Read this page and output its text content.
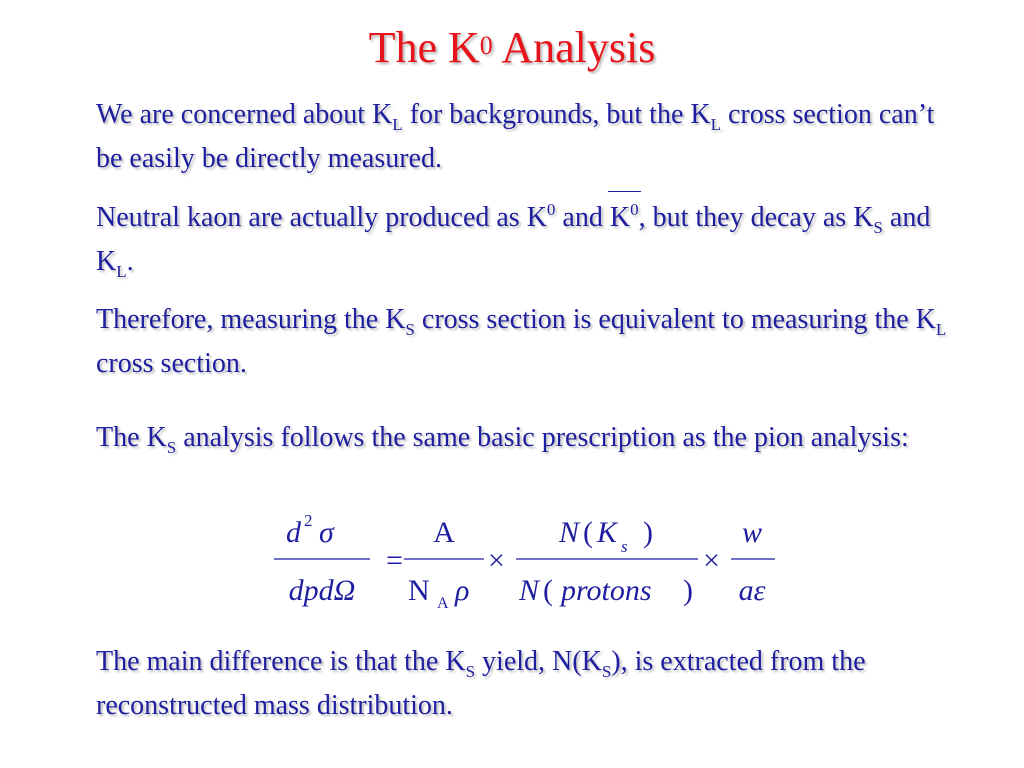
The $K^0$ Analysis
We are concerned about $K_L$ for backgrounds, but the $K_L$ cross section can’t be easily be directly measured.
Neutral kaon are actually produced as $K^0$ and $K^0$, but they decay as $K_S$ and $K_L$.
Therefore, measuring the $K_S$ cross section is equivalent to measuring the $K_L$ cross section.
The $K_S$ analysis follows the same basic prescription as the pion analysis:
d 2 σ
dpdΩ
=
A
N A ρ
×
N ( K s )
N ( protons )
×
w
aε
The main difference is that the $K_S$ yield, $N(K_S)$, is extracted from the reconstructed mass distribution.
